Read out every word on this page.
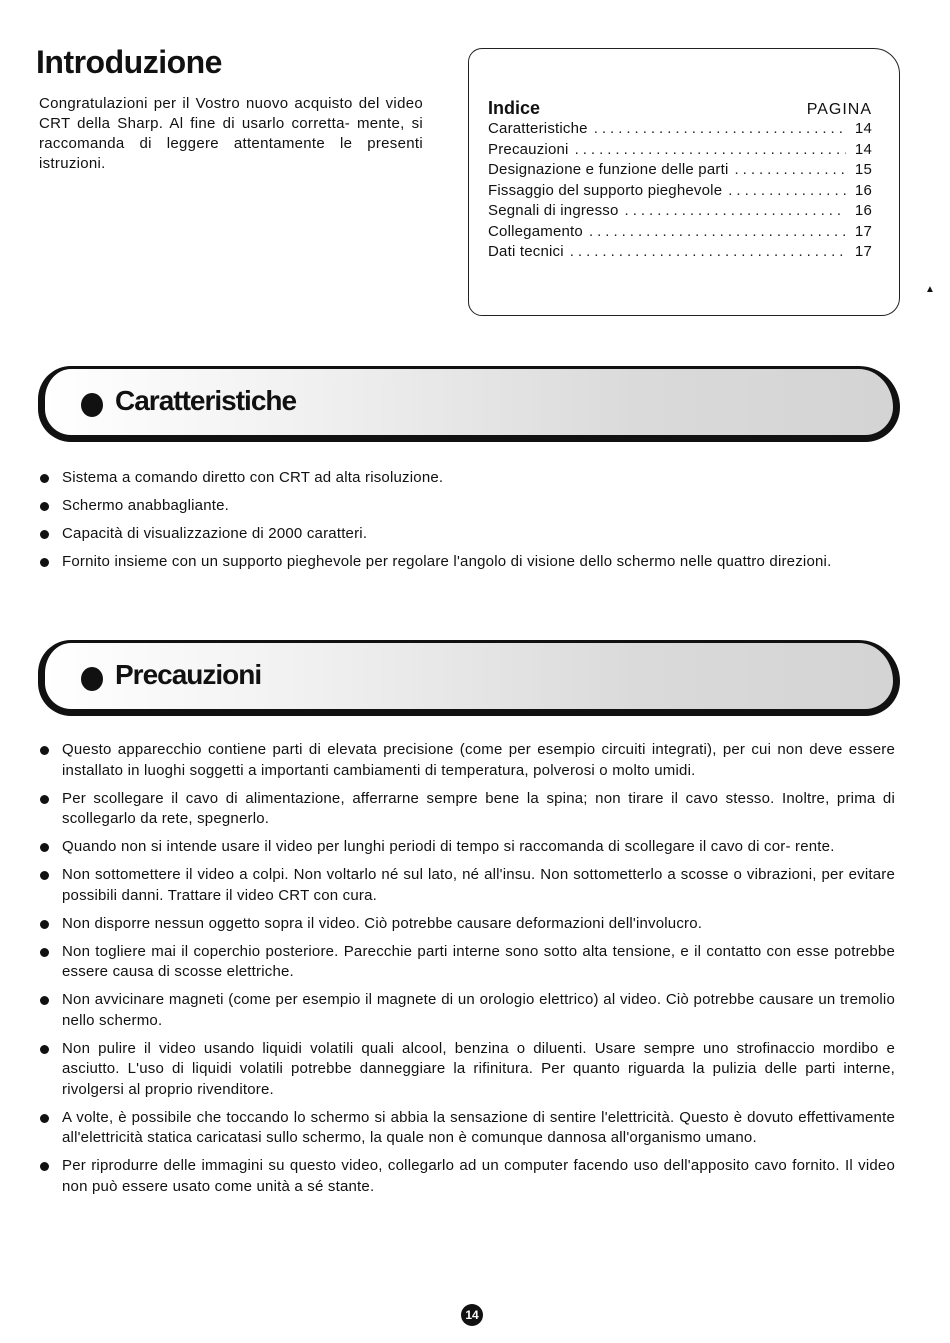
Introduzione

Congratulazioni per il Vostro nuovo acquisto del video CRT della Sharp. Al fine di usarlo corretta- mente, si raccomanda di leggere attentamente le presenti istruzioni.

Indice	PAGINA
Caratteristiche .....	14
Precauzioni .....	14
Designazione e funzione delle parti .....	15
Fissaggio del supporto pieghevole .....	16
Segnali di ingresso .....	16
Collegamento .....	17
Dati tecnici .....	17
▲
Caratteristiche
Sistema a comando diretto con CRT ad alta risoluzione.
Schermo anabbagliante.
Capacità di visualizzazione di 2000 caratteri.
Fornito insieme con un supporto pieghevole per regolare l'angolo di visione dello schermo nelle quattro direzioni.
Precauzioni
Questo apparecchio contiene parti di elevata precisione (come per esempio circuiti integrati), per cui non deve essere installato in luoghi soggetti a importanti cambiamenti di temperatura, polverosi o molto umidi.
Per scollegare il cavo di alimentazione, afferrarne sempre bene la spina; non tirare il cavo stesso. Inoltre, prima di scollegarlo da rete, spegnerlo.
Quando non si intende usare il video per lunghi periodi di tempo si raccomanda di scollegare il cavo di cor- rente.
Non sottomettere il video a colpi. Non voltarlo né sul lato, né all'insu. Non sottometterlo a scosse o vibrazioni, per evitare possibili danni. Trattare il video CRT con cura.
Non disporre nessun oggetto sopra il video. Ciò potrebbe causare deformazioni dell'involucro.
Non togliere mai il coperchio posteriore. Parecchie parti interne sono sotto alta tensione, e il contatto con esse potrebbe essere causa di scosse elettriche.
Non avvicinare magneti (come per esempio il magnete di un orologio elettrico) al video. Ciò potrebbe causare un tremolio nello schermo.
Non pulire il video usando liquidi volatili quali alcool, benzina o diluenti. Usare sempre uno strofinaccio mordibo e asciutto. L'uso di liquidi volatili potrebbe danneggiare la rifinitura. Per quanto riguarda la pulizia delle parti interne, rivolgersi al proprio rivenditore.
A volte, è possibile che toccando lo schermo si abbia la sensazione di sentire l'elettricità. Questo è dovuto effettivamente all'elettricità statica caricatasi sullo schermo, la quale non è comunque dannosa all'organismo umano.
Per riprodurre delle immagini su questo video, collegarlo ad un computer facendo uso dell'apposito cavo fornito. Il video non può essere usato come unità a sé stante.
14
